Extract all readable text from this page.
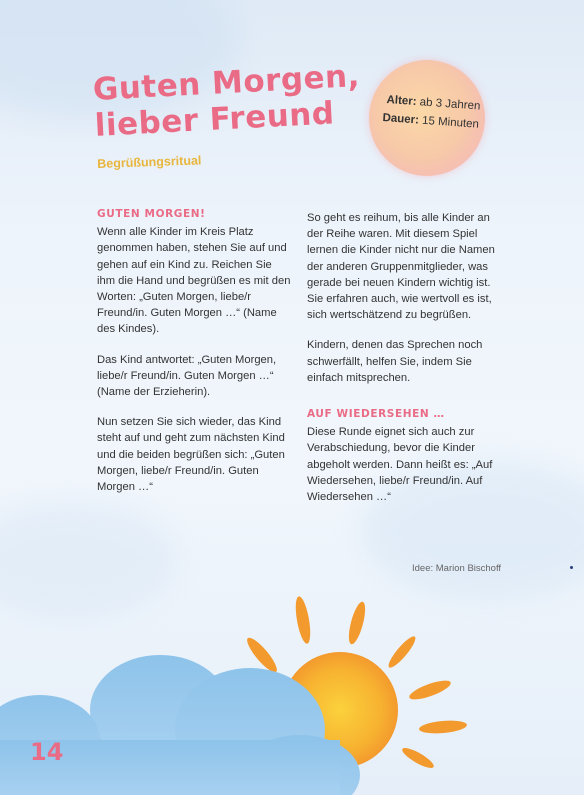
Guten Morgen,
lieber Freund
Begrüßungsritual
Alter: ab 3 Jahren
Dauer: 15 Minuten
GUTEN MORGEN!

Wenn alle Kinder im Kreis Platz genommen haben, stehen Sie auf und gehen auf ein Kind zu. Reichen Sie ihm die Hand und begrüßen es mit den Worten: „Guten Morgen, liebe/r Freund/in. Guten Morgen …“ (Name des Kindes).

Das Kind antwortet: „Guten Morgen, liebe/r Freund/in. Guten Morgen …“ (Name der Erzieherin).

Nun setzen Sie sich wieder, das Kind steht auf und geht zum nächsten Kind und die beiden begrüßen sich: „Guten Morgen, liebe/r Freund/in. Guten Morgen …“

So geht es reihum, bis alle Kinder an der Reihe waren. Mit diesem Spiel lernen die Kinder nicht nur die Namen der anderen Gruppenmitglieder, was gerade bei neuen Kindern wichtig ist. Sie erfahren auch, wie wertvoll es ist, sich wertschätzend zu begrüßen.

Kindern, denen das Sprechen noch schwerfällt, helfen Sie, indem Sie einfach mitsprechen.

AUF WIEDERSEHEN …

Diese Runde eignet sich auch zur Verabschiedung, bevor die Kinder abgeholt werden. Dann heißt es: „Auf Wiedersehen, liebe/r Freund/in. Auf Wiedersehen …“

Idee: Marion Bischoff
14
